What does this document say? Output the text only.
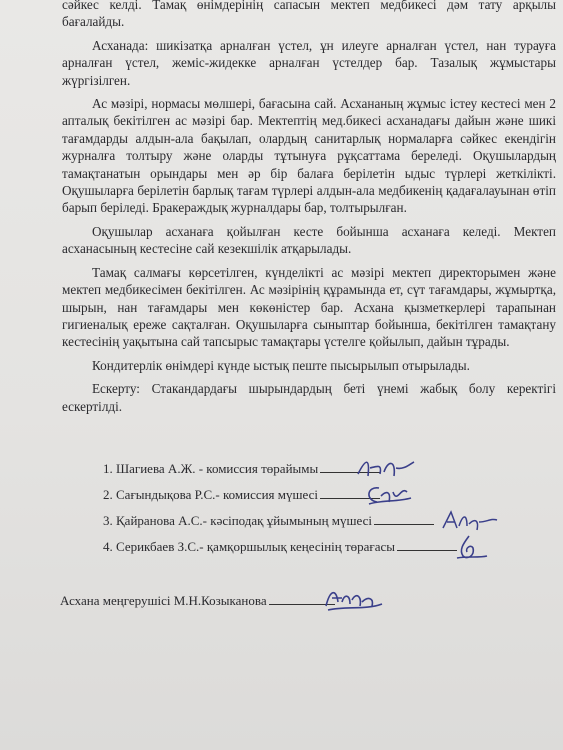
сәйкес келді. Тамақ өнімдерінің сапасын мектеп медбикесі дәм тату арқылы бағалайды.

Асханада: шикізатқа арналған үстел, ұн илеуге арналған үстел, нан турауға арналған үстел, жеміс-жидекке арналған үстелдер бар. Тазалық жұмыстары жүргізілген.

Ас мәзірі, нормасы мөлшері, бағасына сай. Асхананың жұмыс істеу кестесі мен 2 апталық бекітілген ас мәзірі бар. Мектептің мед.бикесі асханадағы дайын және шикі тағамдарды алдын-ала бақылап, олардың санитарлық нормаларға сәйкес екендігін журналға толтыру және оларды тұтынуға рұқсаттама береледі. Оқушылардың тамақтанатын орындары мен әр бір балаға берілетін ыдыс түрлері жеткілікті. Оқушыларға берілетін барлық тағам түрлері алдын-ала медбикенің қадағалауынан өтіп барып беріледі. Бракераждық журналдары бар, толтырылған.

Оқушылар асханаға қойылған кесте бойынша асханаға келеді. Мектеп асханасының кестесіне сай кезекшілік атқарылады.

Тамақ салмағы көрсетілген, күнделікті ас мәзірі мектеп директорымен және мектеп медбикесімен бекітілген. Ас мәзірінің құрамында ет, сүт тағамдары, жұмыртқа, шырын, нан тағамдары мен көкөністер бар. Асхана қызметкерлері тарапынан гигиеналық ереже сақталған. Оқушыларға сыныптар бойынша, бекітілген тамақтану кестесінің уақытына сай тапсырыс тамақтары үстелге қойылып, дайын тұрады.

Кондитерлік өнімдері күнде ыстық пеште пысырылып отырылады.

Ескерту: Стакандардағы шырындардың беті үнемі жабық болу керектігі ескертілді.

1. Шагиева А.Ж. - комиссия төрайымы
2. Сағындықова Р.С.- комиссия мүшесі
3. Қайранова А.С.- кәсіподақ ұйымының мүшесі
4. Серикбаев З.С.- қамқоршылық кеңесінің төрағасы
Асхана меңгерушісі М.Н.Козыканова
